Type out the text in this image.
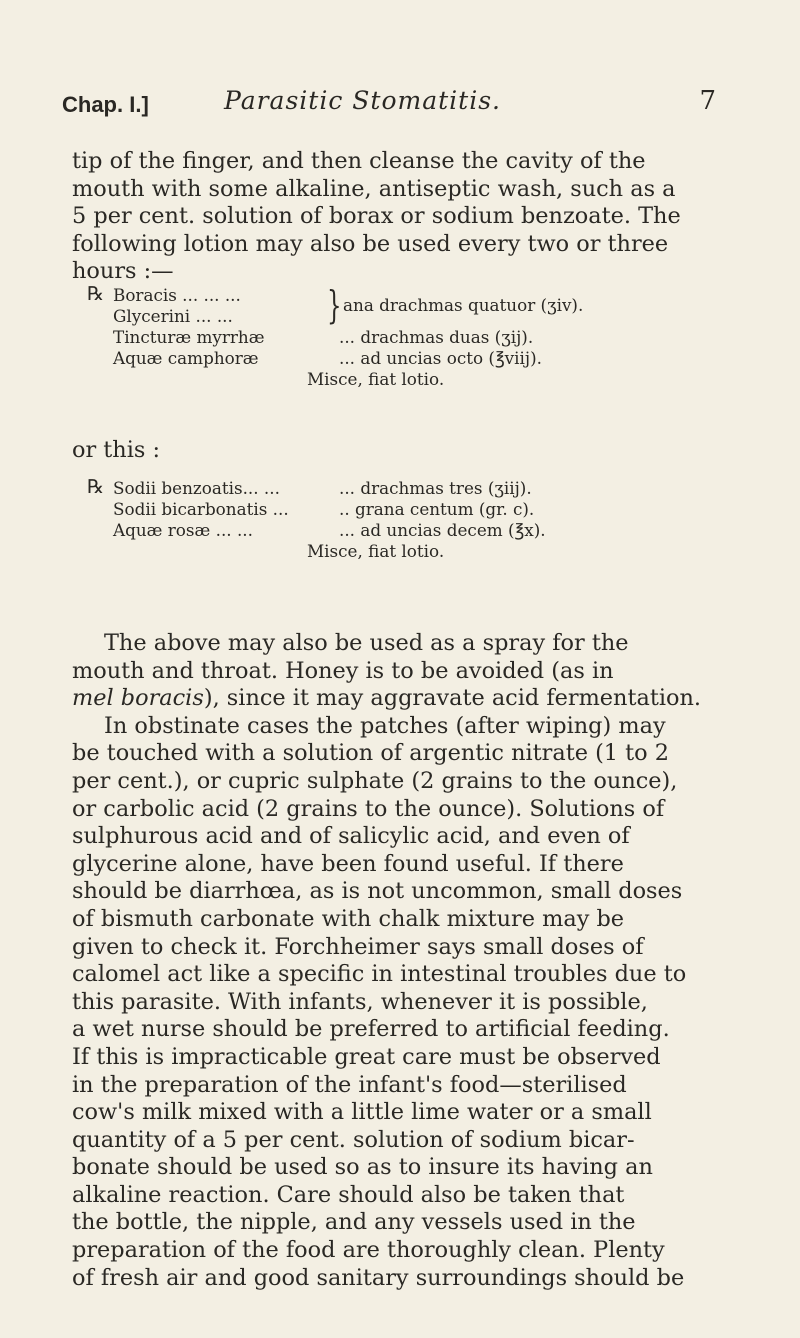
Chap. I.]	Parasitic Stomatitis.	7
tip of the finger, and then cleanse the cavity of the
mouth with some alkaline, antiseptic wash, such as a
5 per cent. solution of borax or sodium benzoate. The
following lotion may also be used every two or three
hours :—
℞ Boracis ... ... ... } ana drachmas quatuor (ʒiv).
Glycerini ... ...
Tincturæ myrrhæ	... drachmas duas (ʒij).
Aquæ camphoræ	... ad uncias octo (℥viij).
Misce, fiat lotio.
or this :
℞ Sodii benzoatis... ...	... drachmas tres (ʒiij).
Sodii bicarbonatis ...	.. grana centum (gr. c).
Aquæ rosæ ... ...	... ad uncias decem (℥x).
Misce, fiat lotio.
The above may also be used as a spray for the
mouth and throat. Honey is to be avoided (as in
mel boracis), since it may aggravate acid fermentation.
In obstinate cases the patches (after wiping) may
be touched with a solution of argentic nitrate (1 to 2
per cent.), or cupric sulphate (2 grains to the ounce),
or carbolic acid (2 grains to the ounce). Solutions of
sulphurous acid and of salicylic acid, and even of
glycerine alone, have been found useful. If there
should be diarrhœa, as is not uncommon, small doses
of bismuth carbonate with chalk mixture may be
given to check it. Forchheimer says small doses of
calomel act like a specific in intestinal troubles due to
this parasite. With infants, whenever it is possible,
a wet nurse should be preferred to artificial feeding.
If this is impracticable great care must be observed
in the preparation of the infant's food—sterilised
cow's milk mixed with a little lime water or a small
quantity of a 5 per cent. solution of sodium bicar-
bonate should be used so as to insure its having an
alkaline reaction. Care should also be taken that
the bottle, the nipple, and any vessels used in the
preparation of the food are thoroughly clean. Plenty
of fresh air and good sanitary surroundings should be
